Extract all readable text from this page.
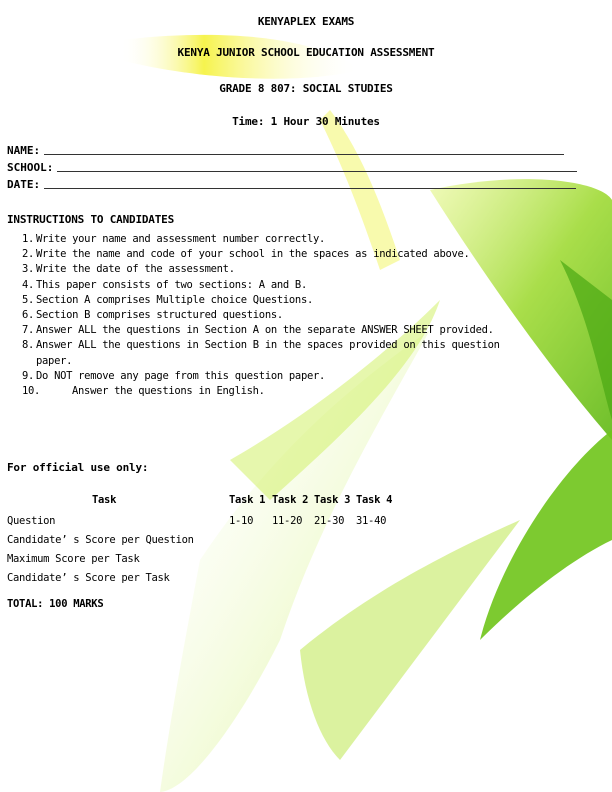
KENYAPLEX EXAMS
KENYA JUNIOR SCHOOL EDUCATION ASSESSMENT
GRADE 8 807: SOCIAL STUDIES
Time: 1 Hour 30 Minutes
NAME:
SCHOOL:
DATE:
INSTRUCTIONS TO CANDIDATES
1. Write your name and assessment number correctly.
2. Write the name and code of your school in the spaces as indicated above.
3. Write the date of the assessment.
4. This paper consists of two sections: A and B.
5. Section A comprises Multiple choice Questions.
6. Section B comprises structured questions.
7. Answer ALL the questions in Section A on the separate ANSWER SHEET provided.
8. Answer ALL the questions in Section B in the spaces provided on this question
paper.
9. Do NOT remove any page from this question paper.
10.	Answer the questions in English.
For official use only:
Task	Task 1 Task 2 Task 3 Task 4
Question	1-10 11-20 21-30 31-40
Candidate’ s Score per Question
Maximum Score per Task
Candidate’ s Score per Task
TOTAL: 100 MARKS
